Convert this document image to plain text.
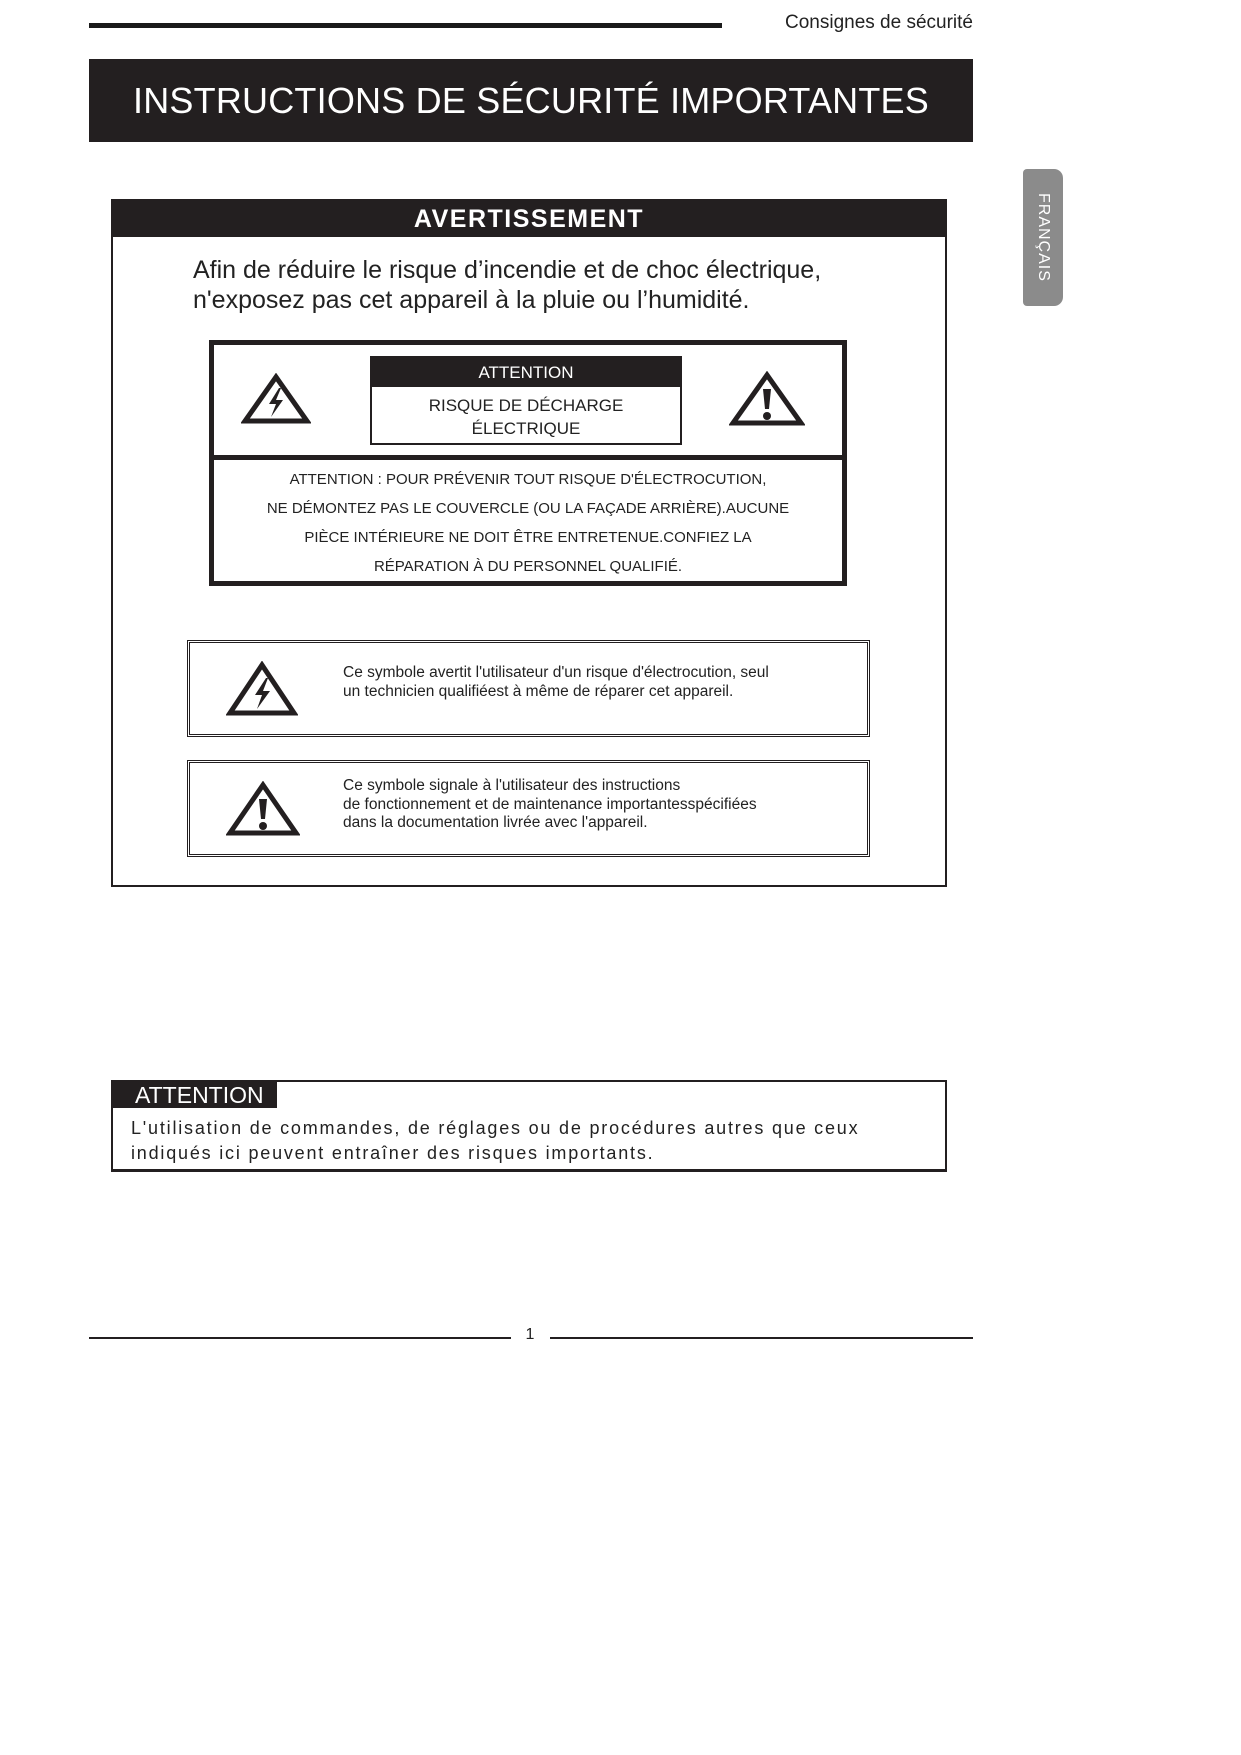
Consignes de sécurité
INSTRUCTIONS DE SÉCURITÉ IMPORTANTES
FRANÇAIS
AVERTISSEMENT
Afin de réduire le risque d’incendie et de choc électrique,
n'exposez pas cet appareil à la pluie ou l’humidité.
ATTENTION
RISQUE DE DÉCHARGE
ÉLECTRIQUE
ATTENTION : POUR PRÉVENIR TOUT RISQUE D'ÉLECTROCUTION,
NE DÉMONTEZ PAS LE COUVERCLE (OU LA FAÇADE ARRIÈRE).AUCUNE
PIÈCE INTÉRIEURE NE DOIT ÊTRE ENTRETENUE.CONFIEZ LA
RÉPARATION À DU PERSONNEL QUALIFIÉ.
Ce symbole avertit l'utilisateur d'un risque d'électrocution, seul
un technicien qualifiéest à même de réparer cet appareil.
Ce symbole signale à l'utilisateur des instructions
de fonctionnement et de maintenance importantesspécifiées
dans la documentation livrée avec l'appareil.
ATTENTION
L'utilisation de commandes, de réglages ou de procédures autres que ceux
indiqués ici peuvent entraîner des risques importants.
1
